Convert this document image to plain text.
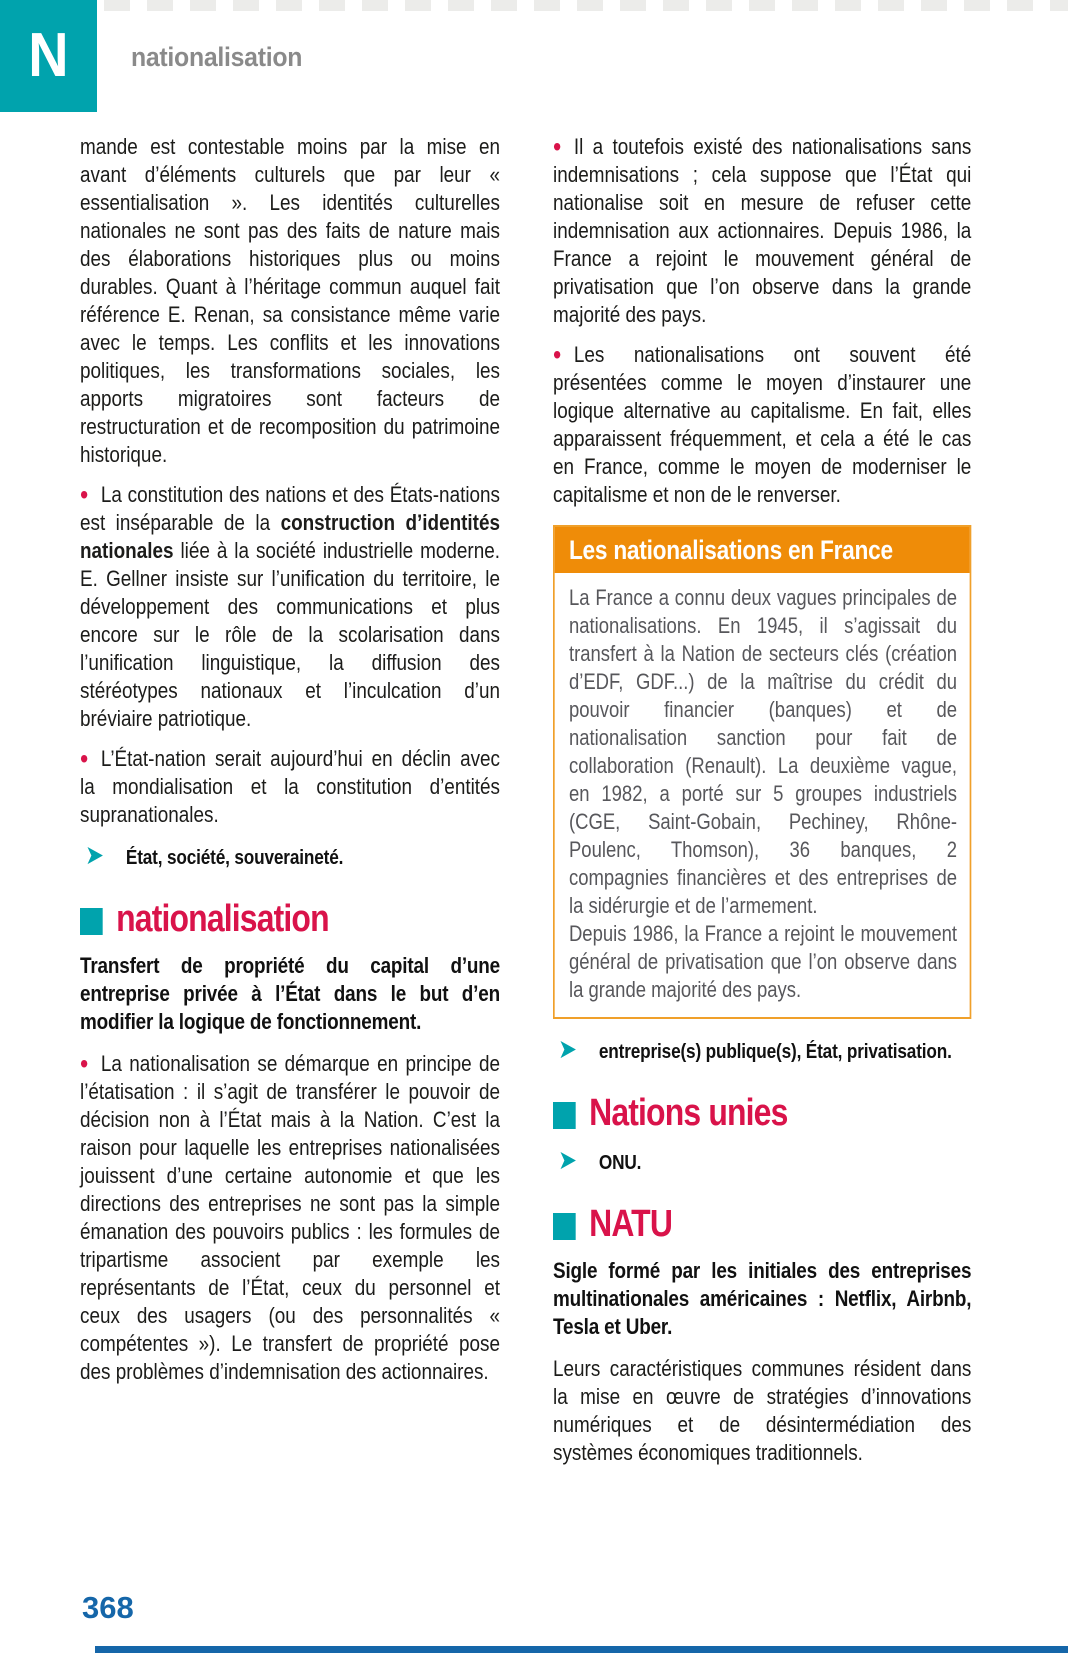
N nationalisation

mande est contestable moins par la mise en avant d’éléments culturels que par leur « essentialisation ». Les identités culturelles nationales ne sont pas des faits de nature mais des élaborations historiques plus ou moins durables. Quant à l’héritage commun auquel fait référence E. Renan, sa consistance même varie avec le temps. Les conflits et les innovations politiques, les transformations sociales, les apports migratoires sont facteurs de restructuration et de recomposition du patrimoine historique.

• La constitution des nations et des États-nations est inséparable de la construction d’identités nationales liée à la société industrielle moderne. E. Gellner insiste sur l’unification du territoire, le développement des communications et plus encore sur le rôle de la scolarisation dans l’unification linguistique, la diffusion des stéréotypes nationaux et l’inculcation d’un bréviaire patriotique.

• L’État-nation serait aujourd’hui en déclin avec la mondialisation et la constitution d’entités supranationales.

➤ État, société, souveraineté.
nationalisation

Transfert de propriété du capital d’une entreprise privée à l’État dans le but d’en modifier la logique de fonctionnement.

• La nationalisation se démarque en principe de l’étatisation : il s’agit de transférer le pouvoir de décision non à l’État mais à la Nation. C’est la raison pour laquelle les entreprises nationalisées jouissent d’une certaine autonomie et que les directions des entreprises ne sont pas la simple émanation des pouvoirs publics : les formules de tripartisme associent par exemple les représentants de l’État, ceux du personnel et ceux des usagers (ou des personnalités « compétentes »). Le transfert de propriété pose des problèmes d’indemnisation des actionnaires.

• Il a toutefois existé des nationalisations sans indemnisations ; cela suppose que l’État qui nationalise soit en mesure de refuser cette indemnisation aux actionnaires. Depuis 1986, la France a rejoint le mouvement général de privatisation que l’on observe dans la grande majorité des pays.

• Les nationalisations ont souvent été présentées comme le moyen d’instaurer une logique alternative au capitalisme. En fait, elles apparaissent fréquemment, et cela a été le cas en France, comme le moyen de moderniser le capitalisme et non de le renverser.

Les nationalisations en France

La France a connu deux vagues principales de nationalisations. En 1945, il s’agissait du transfert à la Nation de secteurs clés (création d’EDF, GDF...) de la maîtrise du crédit du pouvoir financier (banques) et de nationalisation sanction pour fait de collaboration (Renault). La deuxième vague, en 1982, a porté sur 5 groupes industriels (CGE, Saint-Gobain, Pechiney, Rhône-Poulenc, Thomson), 36 banques, 2 compagnies financières et des entreprises de la sidérurgie et de l’armement.

Depuis 1986, la France a rejoint le mouvement général de privatisation que l’on observe dans la grande majorité des pays.

➤ entreprise(s) publique(s), État, privatisation.
Nations unies
➤ ONU.
NATU

Sigle formé par les initiales des entreprises multinationales américaines : Netflix, Airbnb, Tesla et Uber.

Leurs caractéristiques communes résident dans la mise en œuvre de stratégies d’innovations numériques et de désintermédiation des systèmes économiques traditionnels.

368
